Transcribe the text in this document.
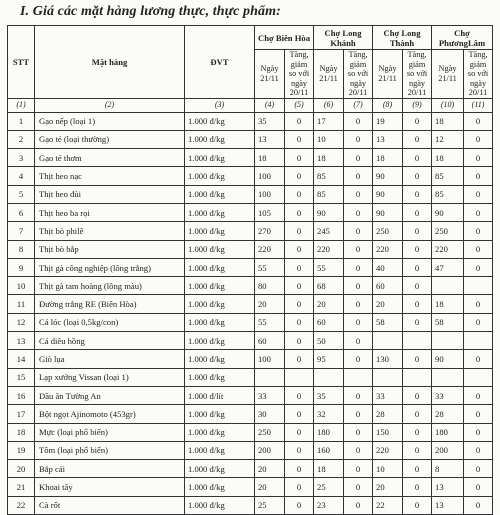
I. Giá các mặt hàng lương thực, thực phẩm:
STT	Mặt hàng	ĐVT	Chợ Biên Hòa		Chợ Long Khánh		Chợ Long Thành		Chợ PhươngLâm	
			Ngày 21/11	Tăng, giảm so với ngày 20/11	Ngày 21/11	Tăng, giảm so với ngày 20/11	Ngày 21/11	Tăng, giảm so với ngày 20/11	Ngày 21/11	Tăng, giảm so với ngày 20/11
(1)	(2)	(3)	(4)	(5)	(6)	(7)	(8)	(9)	(10)	(11)
1	Gạo nếp (loại 1)	1.000 đ/kg	35	0	17	0	19	0	18	0
2	Gạo tẻ (loại thường)	1.000 đ/kg	13	0	10	0	13	0	12	0
3	Gạo tẻ thơm	1.000 đ/kg	18	0	18	0	18	0	18	0
4	Thịt heo nạc	1.000 đ/kg	100	0	85	0	90	0	85	0
5	Thịt heo đùi	1.000 đ/kg	100	0	85	0	90	0	85	0
6	Thịt heo ba rọi	1.000 đ/kg	105	0	90	0	90	0	90	0
7	Thịt bò philê	1.000 đ/kg	270	0	245	0	250	0	250	0
8	Thịt bò bắp	1.000 đ/kg	220	0	220	0	220	0	220	0
9	Thịt gà công nghiệp (lông trắng)	1.000 đ/kg	55	0	55	0	40	0	47	0
10	Thịt gà tam hoàng (lông màu)	1.000 đ/kg	80	0	68	0	60	0		
11	Đường trắng RE (Biên Hòa)	1.000 đ/kg	20	0	20	0	20	0	18	0
12	Cá lóc (loại 0,5kg/con)	1.000 đ/kg	55	0	60	0	58	0	58	0
13	Cá diêu hồng	1.000 đ/kg	60	0	50	0				
14	Giò lụa	1.000 đ/kg	100	0	95	0	130	0	90	0
15	Lạp xưởng Vissan (loại 1)	1.000 đ/kg								
16	Dầu ăn Tường An	1.000 đ/lít	33	0	35	0	33	0	33	0
17	Bột ngọt Ajinomoto (453gr)	1.000 đ/kg	30	0	32	0	28	0	28	0
18	Mực (loại phổ biến)	1.000 đ/kg	250	0	180	0	150	0	180	0
19	Tôm (loại phổ biến)	1.000 đ/kg	200	0	160	0	220	0	200	0
20	Bắp cải	1.000 đ/kg	20	0	18	0	10	0	8	0
21	Khoai tây	1.000 đ/kg	20	0	25	0	20	0	13	0
22	Cà rốt	1.000 đ/kg	25	0	23	0	22	0	13	0
